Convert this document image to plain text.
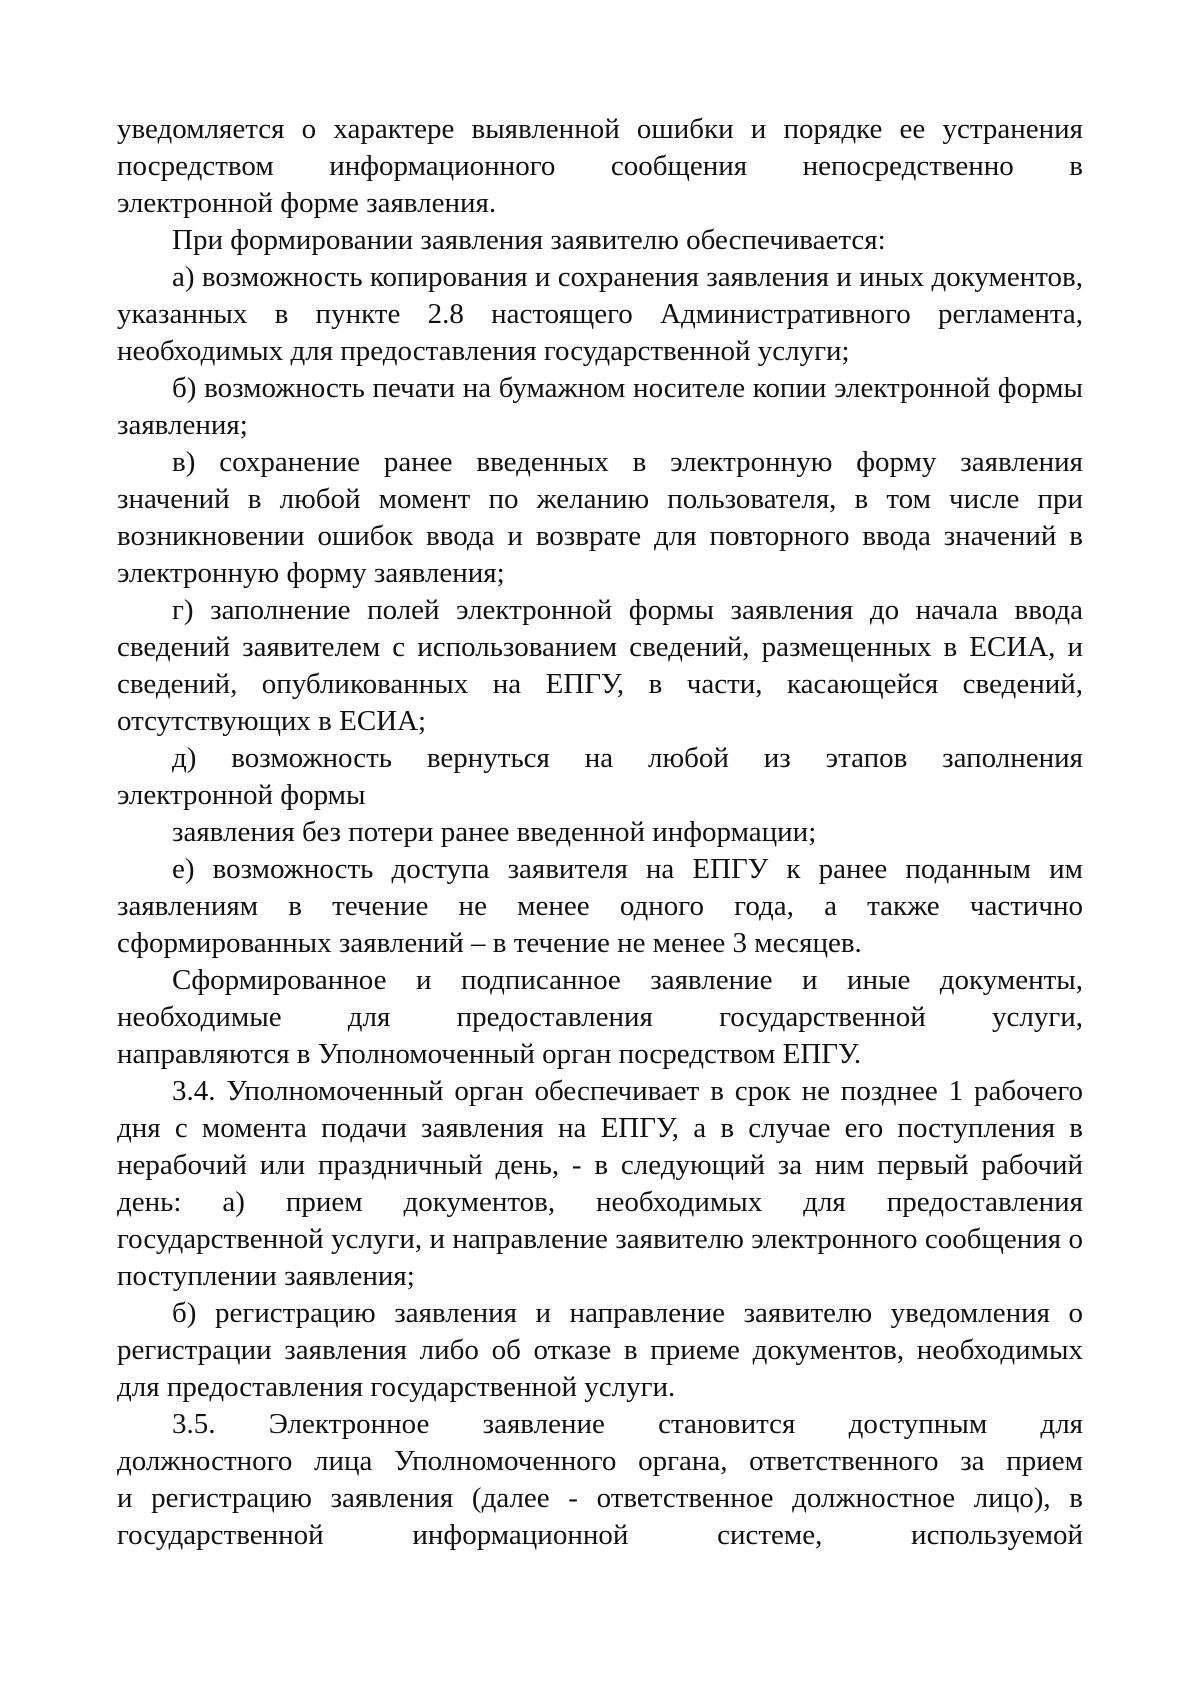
уведомляется о характере выявленной ошибки и порядке ее устранения
посредством информационного сообщения непосредственно в
электронной форме заявления.

При формировании заявления заявителю обеспечивается:

а) возможность копирования и сохранения заявления и иных документов, указанных в пункте 2.8 настоящего Административного регламента, необходимых для предоставления государственной услуги;

б) возможность печати на бумажном носителе копии электронной формы заявления;

в) сохранение ранее введенных в электронную форму заявления значений в любой момент по желанию пользователя, в том числе при возникновении ошибок ввода и возврате для повторного ввода значений в электронную форму заявления;

г) заполнение полей электронной формы заявления до начала ввода сведений заявителем с использованием сведений, размещенных в ЕСИА, и сведений, опубликованных на ЕПГУ, в части, касающейся сведений, отсутствующих в ЕСИА;

д) возможность вернуться на любой из этапов заполнения
электронной формы

заявления без потери ранее введенной информации;

е) возможность доступа заявителя на ЕПГУ к ранее поданным им заявлениям в течение не менее одного года, а также частично сформированных заявлений – в течение не менее 3 месяцев.

Сформированное и подписанное заявление и иные документы,
необходимые для предоставления государственной услуги,
направляются в Уполномоченный орган посредством ЕПГУ.

3.4. Уполномоченный орган обеспечивает в срок не позднее 1 рабочего дня с момента подачи заявления на ЕПГУ, а в случае его поступления в нерабочий или праздничный день, - в следующий за ним первый рабочий день: а) прием документов, необходимых для предоставления государственной услуги, и направление заявителю электронного сообщения о поступлении заявления;

б) регистрацию заявления и направление заявителю уведомления о регистрации заявления либо об отказе в приеме документов, необходимых для предоставления государственной услуги.

3.5. Электронное заявление становится доступным для
должностного лица Уполномоченного органа, ответственного за прием
и регистрацию заявления (далее - ответственное должностное лицо), в
государственной информационной системе, используемой
